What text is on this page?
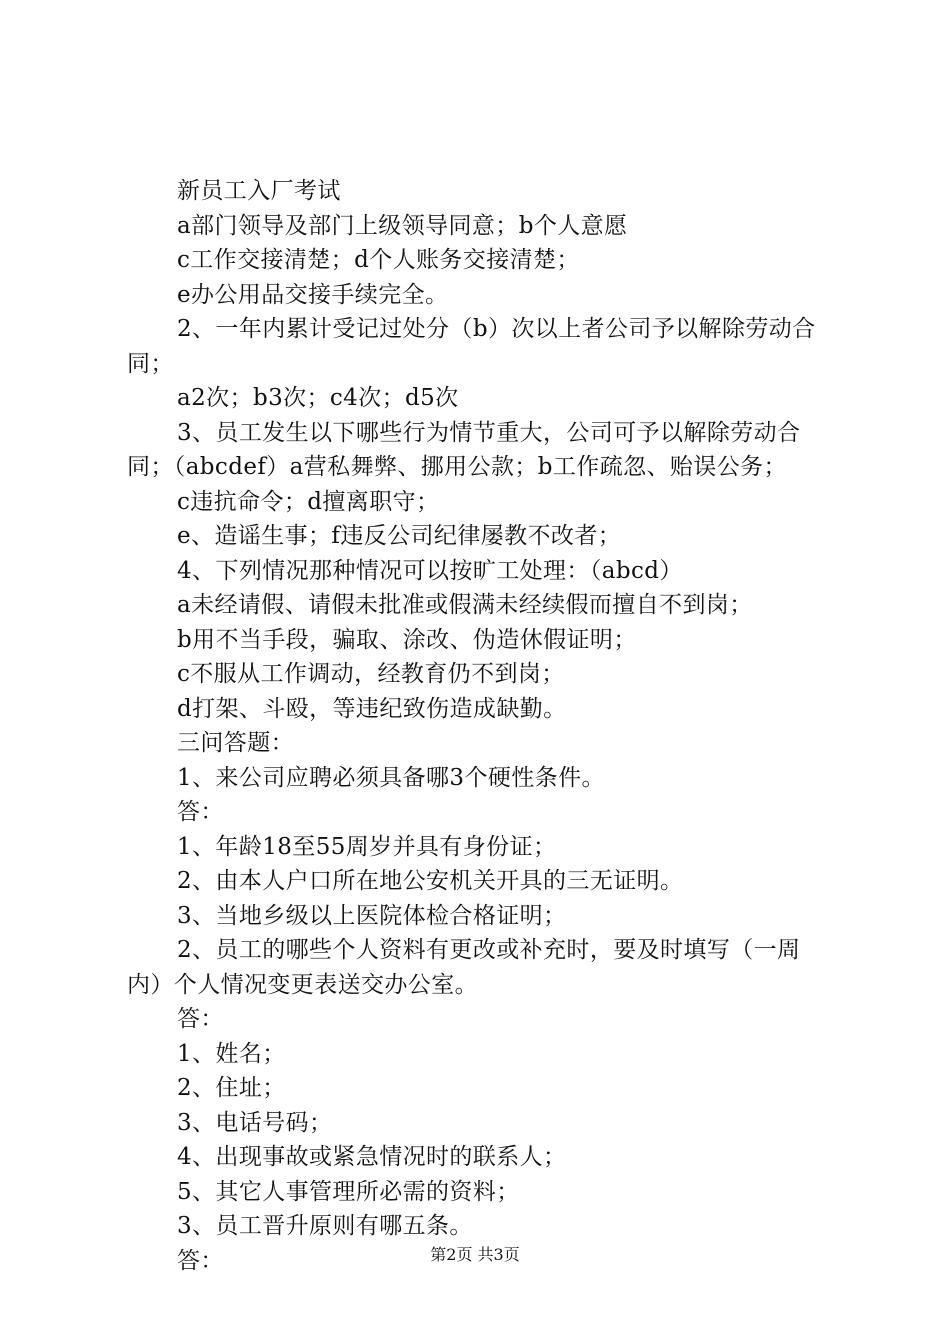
新员工入厂考试

a部门领导及部门上级领导同意；b个人意愿

c工作交接清楚；d个人账务交接清楚；

e办公用品交接手续完全。

2、一年内累计受记过处分（b）次以上者公司予以解除劳动合同；

a2次；b3次；c4次；d5次

3、员工发生以下哪些行为情节重大，公司可予以解除劳动合同；（abcdef）a营私舞弊、挪用公款；b工作疏忽、贻误公务；

c违抗命令；d擅离职守；

e、造谣生事；f违反公司纪律屡教不改者；

4、下列情况那种情况可以按旷工处理：（abcd）

a未经请假、请假未批准或假满未经续假而擅自不到岗；

b用不当手段，骗取、涂改、伪造休假证明；

c不服从工作调动，经教育仍不到岗；

d打架、斗殴，等违纪致伤造成缺勤。

三问答题：

1、来公司应聘必须具备哪3个硬性条件。

答：

1、年龄18至55周岁并具有身份证；

2、由本人户口所在地公安机关开具的三无证明。

3、当地乡级以上医院体检合格证明；

2、员工的哪些个人资料有更改或补充时，要及时填写（一周内）个人情况变更表送交办公室。

答：

1、姓名；

2、住址；

3、电话号码；

4、出现事故或紧急情况时的联系人；

5、其它人事管理所必需的资料；

3、员工晋升原则有哪五条。

答：	第2页 共3页
